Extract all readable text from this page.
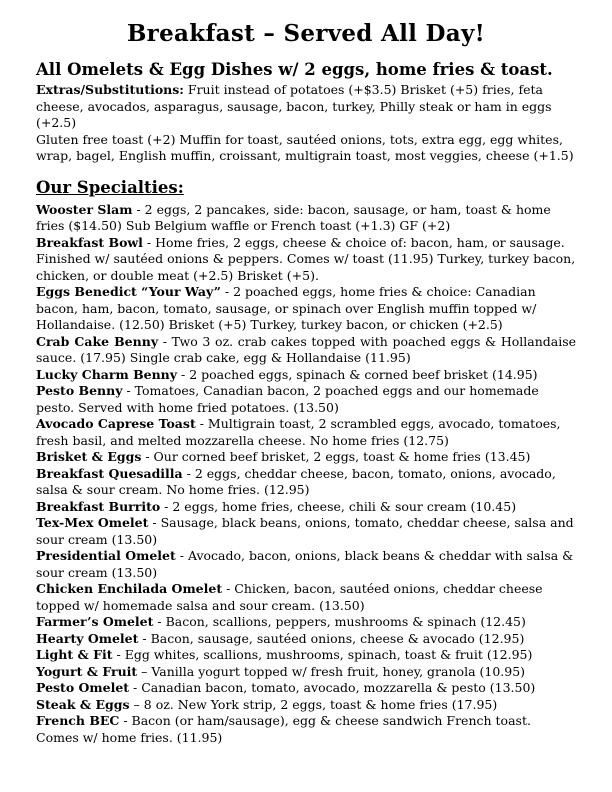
Breakfast – Served All Day!
All Omelets & Egg Dishes w/ 2 eggs, home fries & toast.

Extras/Substitutions: Fruit instead of potatoes (+$3.5) Brisket (+5) fries, feta cheese, avocados, asparagus, sausage, bacon, turkey, Philly steak or ham in eggs (+2.5)
Gluten free toast (+2) Muffin for toast, sautéed onions, tots, extra egg, egg whites, wrap, bagel, English muffin, croissant, multigrain toast, most veggies, cheese (+1.5)

Our Specialties:

Wooster Slam - 2 eggs, 2 pancakes, side: bacon, sausage, or ham, toast & home fries ($14.50) Sub Belgium waffle or French toast (+1.3) GF (+2)

Breakfast Bowl - Home fries, 2 eggs, cheese & choice of: bacon, ham, or sausage. Finished w/ sautéed onions & peppers. Comes w/ toast (11.95) Turkey, turkey bacon, chicken, or double meat (+2.5) Brisket (+5).

Eggs Benedict “Your Way” - 2 poached eggs, home fries & choice: Canadian bacon, ham, bacon, tomato, sausage, or spinach over English muffin topped w/ Hollandaise. (12.50) Brisket (+5) Turkey, turkey bacon, or chicken (+2.5)

Crab Cake Benny - Two 3 oz. crab cakes topped with poached eggs & Hollandaise sauce. (17.95) Single crab cake, egg & Hollandaise (11.95)

Lucky Charm Benny - 2 poached eggs, spinach & corned beef brisket (14.95)

Pesto Benny - Tomatoes, Canadian bacon, 2 poached eggs and our homemade pesto. Served with home fried potatoes. (13.50)

Avocado Caprese Toast - Multigrain toast, 2 scrambled eggs, avocado, tomatoes, fresh basil, and melted mozzarella cheese. No home fries (12.75)

Brisket & Eggs - Our corned beef brisket, 2 eggs, toast & home fries (13.45)

Breakfast Quesadilla - 2 eggs, cheddar cheese, bacon, tomato, onions, avocado, salsa & sour cream. No home fries. (12.95)

Breakfast Burrito - 2 eggs, home fries, cheese, chili & sour cream (10.45)

Tex-Mex Omelet - Sausage, black beans, onions, tomato, cheddar cheese, salsa and sour cream (13.50)

Presidential Omelet - Avocado, bacon, onions, black beans & cheddar with salsa & sour cream (13.50)

Chicken Enchilada Omelet - Chicken, bacon, sautéed onions, cheddar cheese topped w/ homemade salsa and sour cream. (13.50)

Farmer’s Omelet - Bacon, scallions, peppers, mushrooms & spinach (12.45)

Hearty Omelet - Bacon, sausage, sautéed onions, cheese & avocado (12.95)

Light & Fit - Egg whites, scallions, mushrooms, spinach, toast & fruit (12.95)

Yogurt & Fruit – Vanilla yogurt topped w/ fresh fruit, honey, granola (10.95)

Pesto Omelet - Canadian bacon, tomato, avocado, mozzarella & pesto (13.50)

Steak & Eggs – 8 oz. New York strip, 2 eggs, toast & home fries (17.95)

French BEC - Bacon (or ham/sausage), egg & cheese sandwich French toast. Comes w/ home fries. (11.95)
